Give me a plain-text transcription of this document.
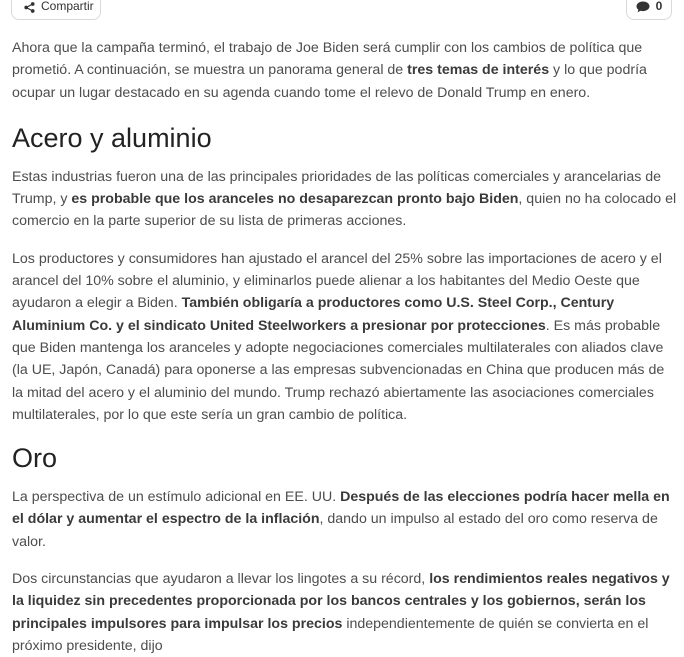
Compartir	0

Ahora que la campaña terminó, el trabajo de Joe Biden será cumplir con los cambios de política que prometió. A continuación, se muestra un panorama general de tres temas de interés y lo que podría ocupar un lugar destacado en su agenda cuando tome el relevo de Donald Trump en enero.

Acero y aluminio

Estas industrias fueron una de las principales prioridades de las políticas comerciales y arancelarias de Trump, y es probable que los aranceles no desaparezcan pronto bajo Biden, quien no ha colocado el comercio en la parte superior de su lista de primeras acciones.

Los productores y consumidores han ajustado el arancel del 25% sobre las importaciones de acero y el arancel del 10% sobre el aluminio, y eliminarlos puede alienar a los habitantes del Medio Oeste que ayudaron a elegir a Biden. También obligaría a productores como U.S. Steel Corp., Century Aluminium Co. y el sindicato United Steelworkers a presionar por protecciones. Es más probable que Biden mantenga los aranceles y adopte negociaciones comerciales multilaterales con aliados clave (la UE, Japón, Canadá) para oponerse a las empresas subvencionadas en China que producen más de la mitad del acero y el aluminio del mundo. Trump rechazó abiertamente las asociaciones comerciales multilaterales, por lo que este sería un gran cambio de política.

Oro

La perspectiva de un estímulo adicional en EE. UU. Después de las elecciones podría hacer mella en el dólar y aumentar el espectro de la inflación, dando un impulso al estado del oro como reserva de valor.

Dos circunstancias que ayudaron a llevar los lingotes a su récord, los rendimientos reales negativos y la liquidez sin precedentes proporcionada por los bancos centrales y los gobiernos, serán los principales impulsores para impulsar los precios independientemente de quién se convierta en el próximo presidente, dijo
